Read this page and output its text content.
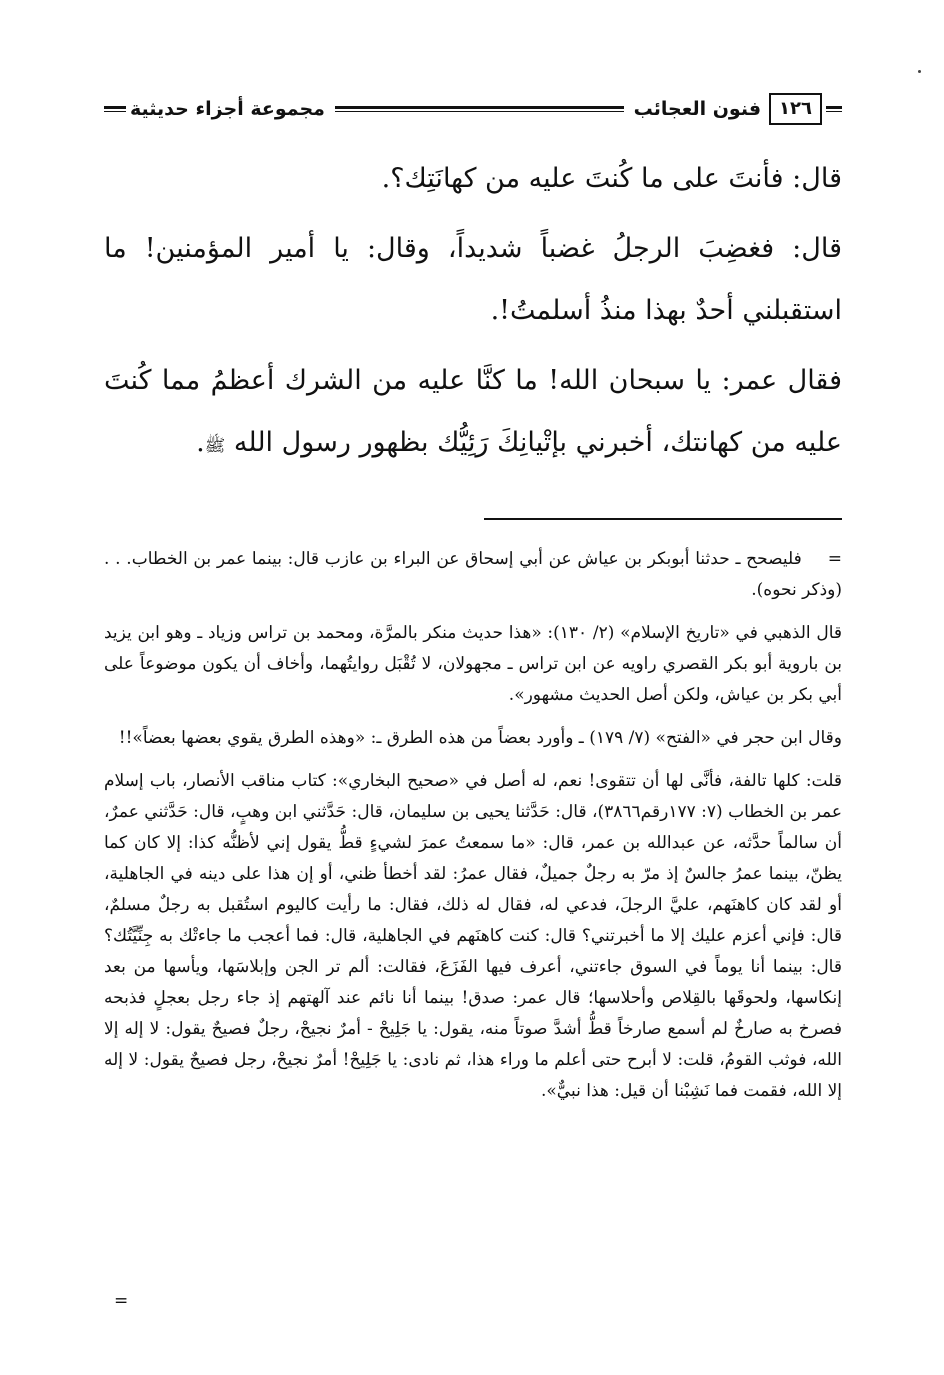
١٢٦
فنون العجائب
مجموعة أجزاء حديثية

قال: فأنتَ على ما كُنتَ عليه من كهانَتِك؟.

قال: فغضِبَ الرجلُ غضباً شديداً، وقال: يا أمير المؤمنين! ما استقبلني أحدٌ بهذا منذُ أسلمتُ!.

فقال عمر: يا سبحان الله! ما كنَّا عليه من الشرك أعظمُ مما كُنتَ عليه من كهانتك، أخبرني بإتْيانِكَ رَئِيُّك بظهور رسول الله ﷺ.

=فليصحح ـ حدثنا أبوبكر بن عياش عن أبي إسحاق عن البراء بن عازب قال: بينما عمر بن الخطاب. . .(وذكر نحوه).

قال الذهبي في «تاريخ الإسلام» (٢/ ١٣٠): «هذا حديث منكر بالمرَّة، ومحمد بن تراس وزياد ـ وهو ابن يزيد بن باروية أبو بكر القصري راويه عن ابن تراس ـ مجهولان، لا تُقْبَل روايتُهما، وأخاف أن يكون موضوعاً على أبي بكر بن عياش، ولكن أصل الحديث مشهور».

وقال ابن حجر في «الفتح» (٧/ ١٧٩) ـ وأورد بعضاً من هذه الطرق ـ: «وهذه الطرق يقوي بعضها بعضاً»!!

قلت: كلها تالفة، فأنَّى لها أن تتقوى! نعم، له أصل في «صحيح البخاري»: كتاب مناقب الأنصار، باب إسلام عمر بن الخطاب (٧: ١٧٧رقم٣٨٦٦)، قال: حَدَّثنا يحيى بن سليمان، قال: حَدَّثني ابن وهبٍ، قال: حَدَّثني عمرٌ، أن سالماً حدَّثه، عن عبدالله بن عمر، قال: «ما سمعتُ عمرَ لشيءٍ قطُّ يقول إني لأظنُّه كذا: إلا كان كما يظنّ، بينما عمرُ جالسٌ إذ مرّ به رجلٌ جميلٌ، فقال عمرُ: لقد أخطأ ظني، أو إن هذا على دينه في الجاهلية، أو لقد كان كاهنَهم، عليَّ الرجلَ، فدعي له، فقال له ذلك، فقال: ما رأيت كاليوم استُقبل به رجلٌ مسلمٌ، قال: فإني أعزم عليك إلا ما أخبرتني؟ قال: كنت كاهنَهم في الجاهلية، قال: فما أعجب ما جاءتْك به جِنِّيَّتُك؟ قال: بينما أنا يوماً في السوق جاءتني، أعرف فيها الفَزَعَ، فقالت: ألم تر الجن وإبلاسَها، ويأسها من بعد إنكاسها، ولحوقَها بالقِلاص وأحلاسها؛ قال عمر: صدق! بينما أنا نائم عند آلهتهم إذ جاء رجل بعجلٍ فذبحه فصرخ به صارخٌ لم أسمع صارخاً قطُّ أشدَّ صوتاً منه، يقول: يا جَلِيحْ - أمرٌ نجيحْ، رجلٌ فصيحٌ يقول: لا إله إلا الله، فوثب القومُ، قلت: لا أبرح حتى أعلم ما وراء هذا، ثم نادى: يا جَلِيحْ! أمرٌ نجيحْ، رجل فصيحٌ يقول: لا إله إلا الله، فقمت فما نَشِبْنا أن قيل: هذا نبيٌّ».

=
